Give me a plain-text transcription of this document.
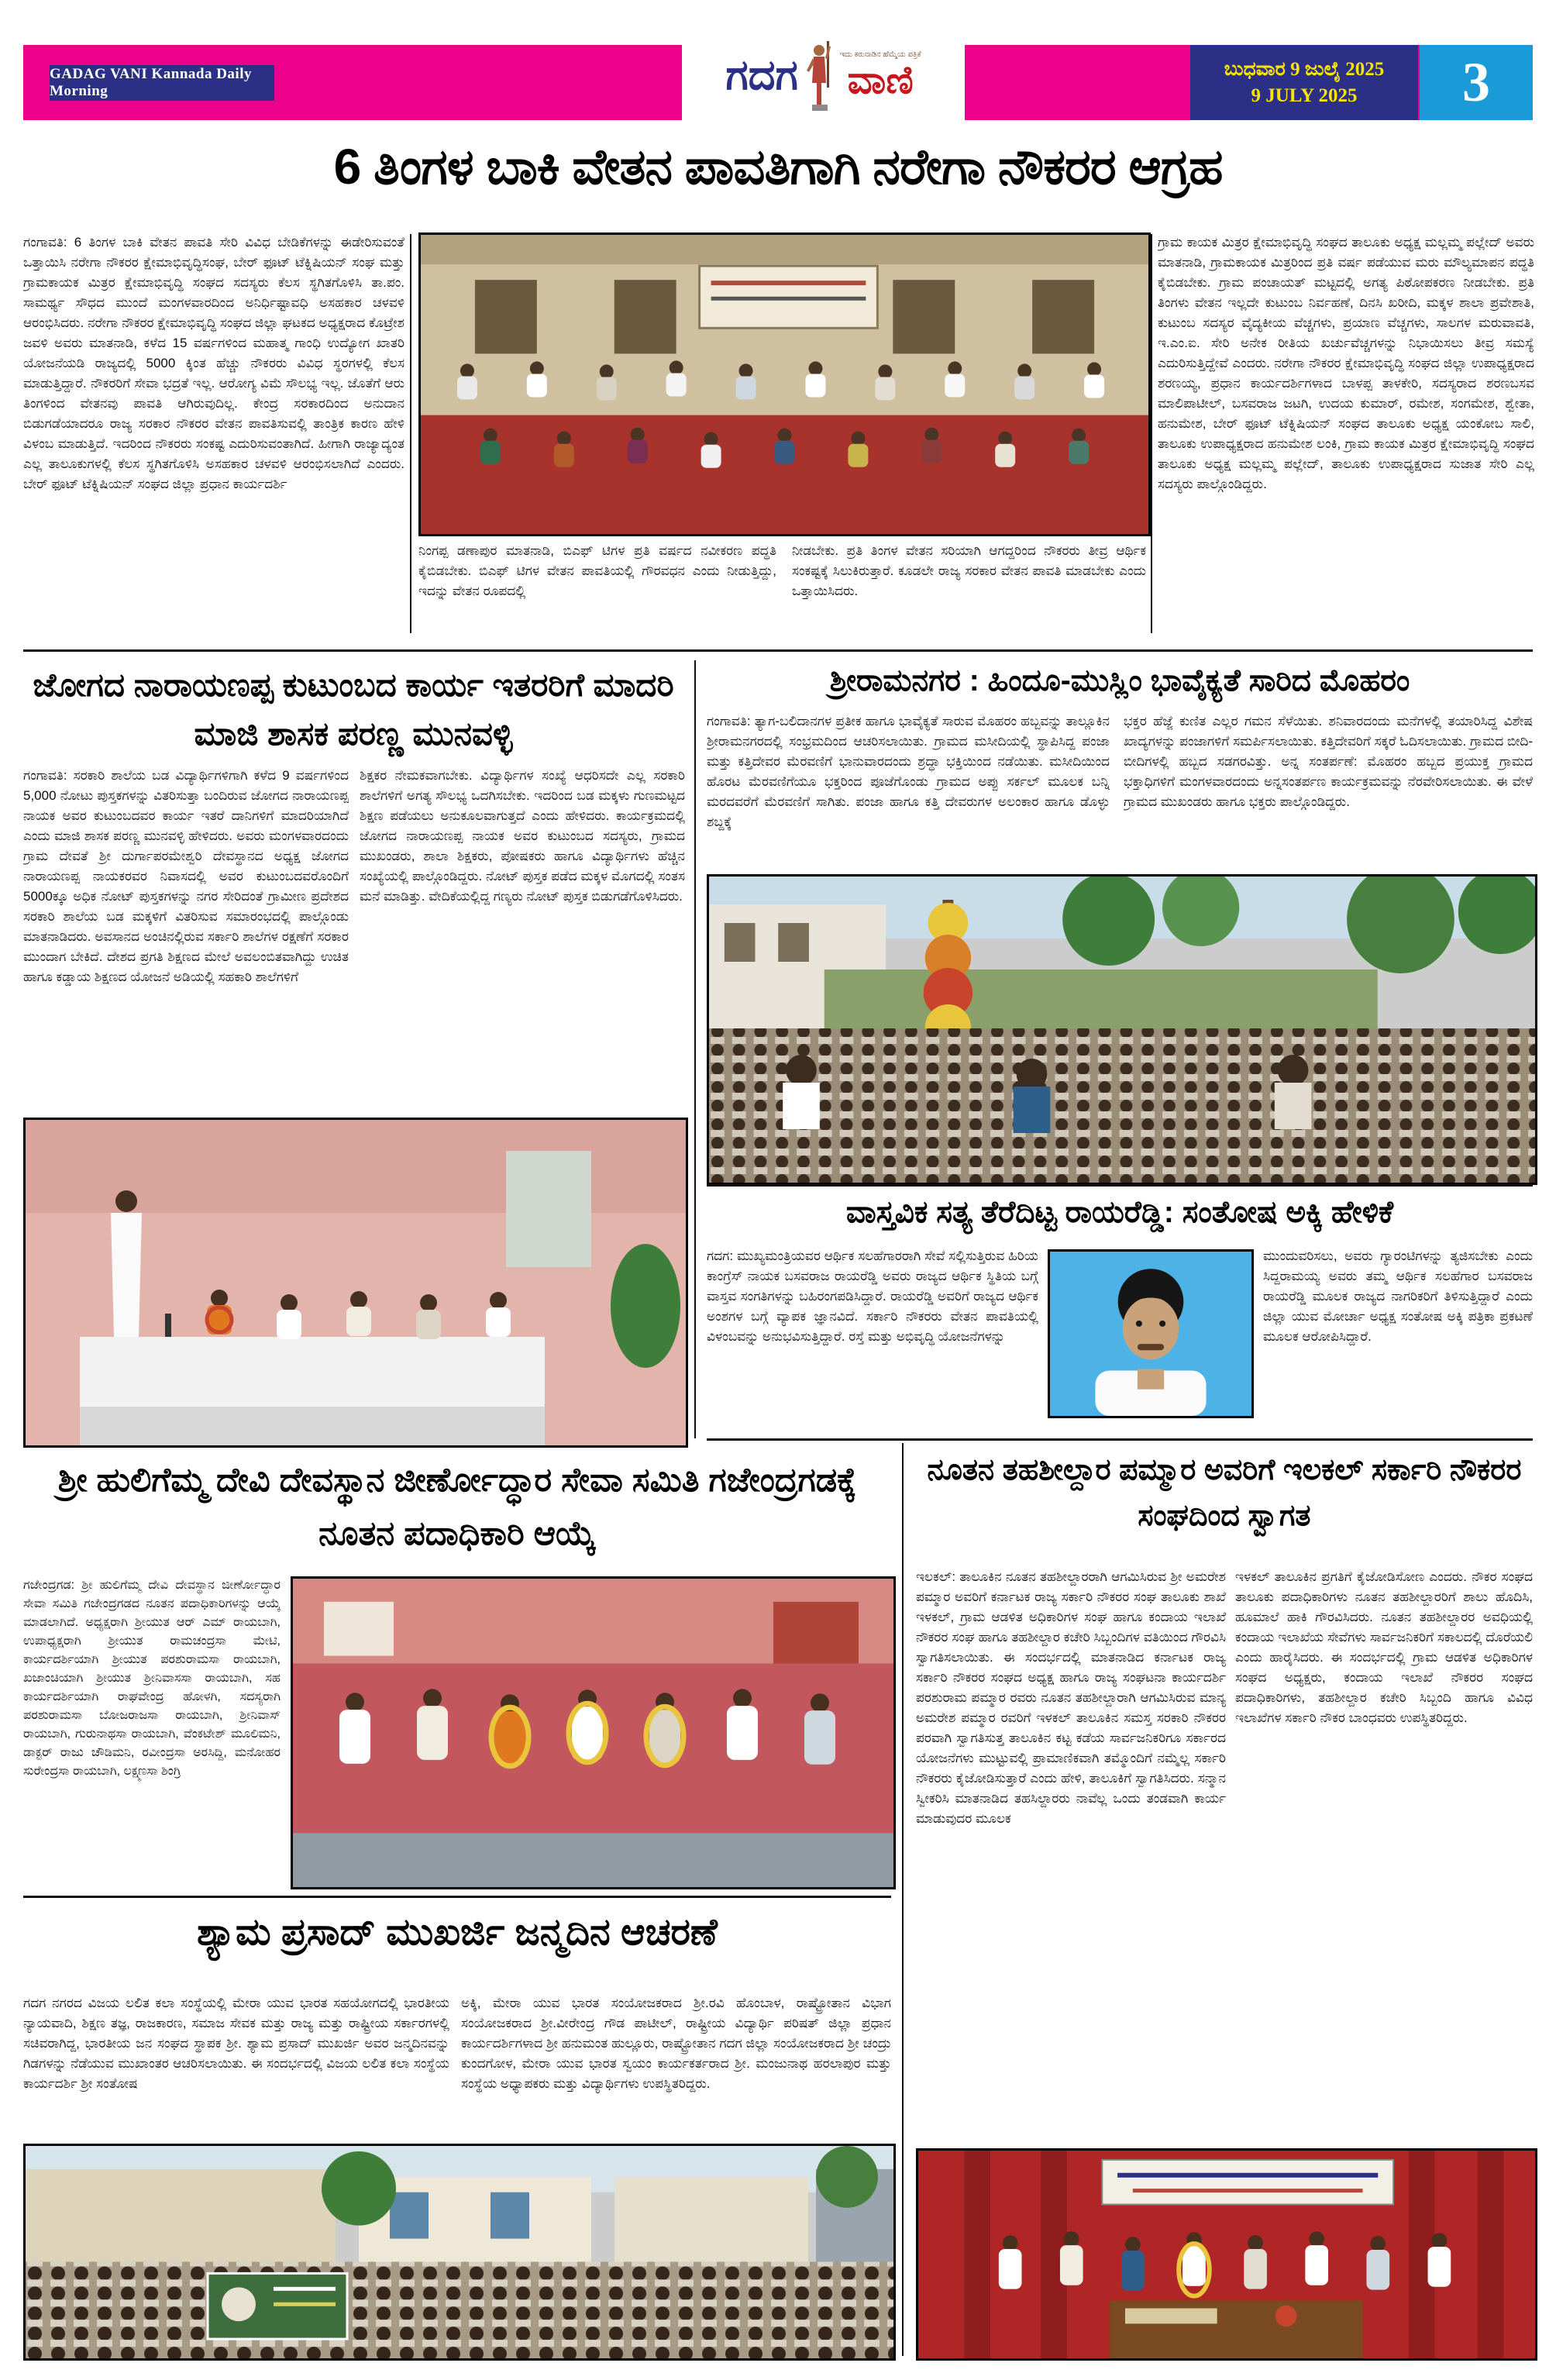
GADAG VANI Kannada Daily Morning	ಗದಗ	ಇದು ಕರುನಾಡಿನ ಹೆಮ್ಮೆಯ ಪತ್ರಿಕೆ
ವಾಣಿ	ಬುಧವಾರ 9 ಜುಲೈ 2025
9 JULY 2025 3
6 ತಿಂಗಳ ಬಾಕಿ ವೇತನ ಪಾವತಿಗಾಗಿ ನರೇಗಾ ನೌಕರರ ಆಗ್ರಹ
ಗಂಗಾವತಿ: 6 ತಿಂಗಳ ಬಾಕಿ ವೇತನ ಪಾವತಿ ಸೇರಿ ವಿವಿಧ ಬೇಡಿಕೆಗಳನ್ನು ಈಡೇರಿಸುವಂತೆ ಒತ್ತಾಯಿಸಿ ನರೇಗಾ ನೌಕರರ ಕ್ಷೇಮಾಭಿವೃದ್ಧಿಸಂಘ, ಬೇರ್ ಫೂಟ್ ಟೆಕ್ನಿಷಿಯನ್ ಸಂಘ ಮತ್ತು ಗ್ರಾಮಕಾಯಕ ಮಿತ್ರರ ಕ್ಷೇಮಾಭಿವೃದ್ಧಿ ಸಂಘದ ಸದಸ್ಯರು ಕೆಲಸ ಸ್ಥಗಿತಗೊಳಿಸಿ ತಾ.ಪಂ. ಸಾಮರ್ಥ್ಯ ಸೌಧದ ಮುಂದೆ ಮಂಗಳವಾರದಿಂದ ಅನಿರ್ಧಿಷ್ಟಾವಧಿ ಅಸಹಕಾರ ಚಳವಳಿ ಆರಂಭಿಸಿದರು. ನರೇಗಾ ನೌಕರರ ಕ್ಷೇಮಾಭಿವೃದ್ಧಿ ಸಂಘದ ಜಿಲ್ಲಾ ಘಟಕದ ಅಧ್ಯಕ್ಷರಾದ ಕೊಟ್ರೇಶ ಜವಳಿ ಅವರು ಮಾತನಾಡಿ, ಕಳೆದ 15 ವರ್ಷಗಳಿಂದ ಮಹಾತ್ಮ ಗಾಂಧಿ ಉದ್ಯೋಗ ಖಾತರಿ ಯೋಜನೆಯಡಿ ರಾಜ್ಯದಲ್ಲಿ 5000 ಕ್ಕಿಂತ ಹೆಚ್ಚು ನೌಕರರು ವಿವಿಧ ಸ್ಥರಗಳಲ್ಲಿ ಕೆಲಸ ಮಾಡುತ್ತಿದ್ದಾರೆ. ನೌಕರರಿಗೆ ಸೇವಾ ಭದ್ರತೆ ಇಲ್ಲ. ಆರೋಗ್ಯ ವಿಮೆ ಸೌಲಭ್ಯ ಇಲ್ಲ. ಜೊತೆಗೆ ಆರು ತಿಂಗಳಿಂದ ವೇತನವು ಪಾವತಿ ಆಗಿರುವುದಿಲ್ಲ. ಕೇಂದ್ರ ಸರಕಾರದಿಂದ ಅನುದಾನ ಬಿಡುಗಡೆಯಾದರೂ ರಾಜ್ಯ ಸರಕಾರ ನೌಕರರ ವೇತನ ಪಾವತಿಸುವಲ್ಲಿ ತಾಂತ್ರಿಕ ಕಾರಣ ಹೇಳಿ ವಿಳಂಬ ಮಾಡುತ್ತಿದೆ. ಇದರಿಂದ ನೌಕರರು ಸಂಕಷ್ಟ ಎದುರಿಸುವಂತಾಗಿದೆ. ಹೀಗಾಗಿ ರಾಜ್ಯಾದ್ಯಂತ ಎಲ್ಲ ತಾಲೂಕುಗಳಲ್ಲಿ ಕೆಲಸ ಸ್ಥಗಿತಗೊಳಿಸಿ ಅಸಹಕಾರ ಚಳವಳಿ ಆರಂಭಿಸಲಾಗಿದೆ ಎಂದರು. ಬೇರ್ ಫೂಟ್ ಟೆಕ್ನಿಷಿಯನ್ ಸಂಘದ ಜಿಲ್ಲಾ ಪ್ರಧಾನ ಕಾರ್ಯದರ್ಶಿ
ಗ್ರಾಮ ಕಾಯಕ ಮಿತ್ರರ ಕ್ಷೇಮಾಭಿವೃದ್ಧಿ ಸಂಘದ ತಾಲೂಕು ಅಧ್ಯಕ್ಷ ಮಲ್ಲಮ್ಮ ಪಲ್ಲೇದ್ ಅವರು ಮಾತನಾಡಿ, ಗ್ರಾಮಕಾಯಕ ಮಿತ್ರರಿಂದ ಪ್ರತಿ ವರ್ಷ ಪಡೆಯುವ ಮರು ಮೌಲ್ಯಮಾಪನ ಪದ್ಧತಿ ಕೈಬಿಡಬೇಕು. ಗ್ರಾಮ ಪಂಚಾಯತ್ ಮಟ್ಟದಲ್ಲಿ ಅಗತ್ಯ ಪಿಠೋಪಕರಣ ನೀಡಬೇಕು. ಪ್ರತಿ ತಿಂಗಳು ವೇತನ ಇಲ್ಲದೇ ಕುಟುಂಬ ನಿರ್ವಹಣೆ, ದಿನಸಿ ಖರೀದಿ, ಮಕ್ಕಳ ಶಾಲಾ ಪ್ರವೇಶಾತಿ, ಕುಟುಂಬ ಸದಸ್ಯರ ವೈದ್ಯಕೀಯ ವೆಚ್ಚಗಳು, ಪ್ರಯಾಣ ವೆಚ್ಚಗಳು, ಸಾಲಗಳ ಮರುವಾವತಿ, ಇ.ಎಂ.ಐ. ಸೇರಿ ಅನೇಕ ರೀತಿಯ ಖರ್ಚುವೆಚ್ಚಗಳನ್ನು ನಿಭಾಯಿಸಲು ತೀವ್ರ ಸಮಸ್ಯೆ ಎದುರಿಸುತ್ತಿದ್ದೇವೆ ಎಂದರು. ನರೇಗಾ ನೌಕರರ ಕ್ಷೇಮಾಭಿವೃದ್ಧಿ ಸಂಘದ ಜಿಲ್ಲಾ ಉಪಾಧ್ಯಕ್ಷರಾದ ಶರಣಯ್ಯ, ಪ್ರಧಾನ ಕಾರ್ಯದರ್ಶಿಗಳಾದ ಬಾಳಪ್ಪ ತಾಳಕೇರಿ, ಸದಸ್ಯರಾದ ಶರಣಬಸವ ಮಾಲಿಪಾಟೀಲ್, ಬಸವರಾಜ ಜಟಗಿ, ಉದಯ ಕುಮಾರ್, ರಮೇಶ, ಸಂಗಮೇಶ, ಶ್ವೇತಾ, ಹನುಮೇಶ, ಬೇರ್ ಫೂಟ್ ಟೆಕ್ನಿಷಿಯನ್ ಸಂಘದ ತಾಲೂಕು ಅಧ್ಯಕ್ಷ ಯಂಕೋಬ ಸಾಲಿ, ತಾಲೂಕು ಉಪಾಧ್ಯಕ್ಷರಾದ ಹನುಮೇಶ ಲಂಕಿ, ಗ್ರಾಮ ಕಾಯಕ ಮಿತ್ರರ ಕ್ಷೇಮಾಭಿವೃದ್ಧಿ ಸಂಘದ ತಾಲೂಕು ಅಧ್ಯಕ್ಷ ಮಲ್ಲಮ್ಮ ಪಲ್ಲೇದ್, ತಾಲೂಕು ಉಪಾಧ್ಯಕ್ಷರಾದ ಸುಜಾತ ಸೇರಿ ಎಲ್ಲ ಸದಸ್ಯರು ಪಾಲ್ಗೊಂಡಿದ್ದರು.
ನಿಂಗಪ್ಪ ಡಣಾಪುರ ಮಾತನಾಡಿ, ಬಿಎಫ್ ಟಿಗಳ ಪ್ರತಿ ವರ್ಷದ ನವೀಕರಣ ಪದ್ಧತಿ ಕೈಬಿಡಬೇಕು. ಬಿಎಫ್ ಟಿಗಳ ವೇತನ ಪಾವತಿಯಲ್ಲಿ ಗೌರವಧನ ಎಂದು ನೀಡುತ್ತಿದ್ದು, ಇದನ್ನು ವೇತನ ರೂಪದಲ್ಲಿ
ನೀಡಬೇಕು. ಪ್ರತಿ ತಿಂಗಳ ವೇತನ ಸರಿಯಾಗಿ ಆಗದ್ದರಿಂದ ನೌಕರರು ತೀವ್ರ ಆರ್ಥಿಕ ಸಂಕಷ್ಟಕ್ಕೆ ಸಿಲುಕಿರುತ್ತಾರೆ. ಕೂಡಲೇ ರಾಜ್ಯ ಸರಕಾರ ವೇತನ ಪಾವತಿ ಮಾಡಬೇಕು ಎಂದು ಒತ್ತಾಯಿಸಿದರು.
ಜೋಗದ ನಾರಾಯಣಪ್ಪ ಕುಟುಂಬದ ಕಾರ್ಯ ಇತರರಿಗೆ ಮಾದರಿ ಮಾಜಿ ಶಾಸಕ ಪರಣ್ಣ ಮುನವಳ್ಳಿ
ಗಂಗಾವತಿ: ಸರಕಾರಿ ಶಾಲೆಯ ಬಡ ವಿದ್ಯಾರ್ಥಿಗಳಿಗಾಗಿ ಕಳೆದ 9 ವರ್ಷಗಳಿಂದ 5,000 ನೋಟು ಪುಸ್ತಕಗಳನ್ನು ವಿತರಿಸುತ್ತಾ ಬಂದಿರುವ ಜೋಗದ ನಾರಾಯಣಪ್ಪ ನಾಯಕ ಅವರ ಕುಟುಂಬದವರ ಕಾರ್ಯ ಇತರೆ ದಾನಿಗಳಿಗೆ ಮಾದರಿಯಾಗಿದೆ ಎಂದು ಮಾಜಿ ಶಾಸಕ ಪರಣ್ಣ ಮುನವಳ್ಳಿ ಹೇಳಿದರು. ಅವರು ಮಂಗಳವಾರದಂದು ಗ್ರಾಮ ದೇವತೆ ಶ್ರೀ ದುರ್ಗಾಪರಮೇಶ್ವರಿ ದೇವಸ್ಥಾನದ ಅಧ್ಯಕ್ಷ ಜೋಗದ ನಾರಾಯಣಪ್ಪ ನಾಯಕರವರ ನಿವಾಸದಲ್ಲಿ ಅವರ ಕುಟುಂಬದವರೊಂದಿಗೆ 5000ಕ್ಕೂ ಅಧಿಕ ನೋಟ್ ಪುಸ್ತಕಗಳನ್ನು ನಗರ ಸೇರಿದಂತೆ ಗ್ರಾಮೀಣ ಪ್ರದೇಶದ ಸರಕಾರಿ ಶಾಲೆಯ ಬಡ ಮಕ್ಕಳಿಗೆ ವಿತರಿಸುವ ಸಮಾರಂಭದಲ್ಲಿ ಪಾಲ್ಗೊಂಡು ಮಾತನಾಡಿದರು. ಅವಸಾನದ ಅಂಚಿನಲ್ಲಿರುವ ಸರ್ಕಾರಿ ಶಾಲೆಗಳ ರಕ್ಷಣೆಗೆ ಸರಕಾರ ಮುಂದಾಗ ಬೇಕಿದೆ. ದೇಶದ ಪ್ರಗತಿ ಶಿಕ್ಷಣದ ಮೇಲೆ ಅವಲಂಬಿತವಾಗಿದ್ದು ಉಚಿತ ಹಾಗೂ ಕಡ್ಡಾಯ ಶಿಕ್ಷಣದ ಯೋಜನೆ ಅಡಿಯಲ್ಲಿ ಸಹಕಾರಿ ಶಾಲೆಗಳಿಗೆ
ಶಿಕ್ಷಕರ ನೇಮಕವಾಗಬೇಕು. ವಿದ್ಯಾರ್ಥಿಗಳ ಸಂಖ್ಯೆ ಆಧರಿಸದೇ ಎಲ್ಲ ಸರಕಾರಿ ಶಾಲೆಗಳಿಗೆ ಅಗತ್ಯ ಸೌಲಭ್ಯ ಒದಗಿಸಬೇಕು. ಇದರಿಂದ ಬಡ ಮಕ್ಕಳು ಗುಣಮಟ್ಟದ ಶಿಕ್ಷಣ ಪಡೆಯಲು ಅನುಕೂಲವಾಗುತ್ತದೆ ಎಂದು ಹೇಳಿದರು. ಕಾರ್ಯಕ್ರಮದಲ್ಲಿ ಜೋಗದ ನಾರಾಯಣಪ್ಪ ನಾಯಕ ಅವರ ಕುಟುಂಬದ ಸದಸ್ಯರು, ಗ್ರಾಮದ ಮುಖಂಡರು, ಶಾಲಾ ಶಿಕ್ಷಕರು, ಪೋಷಕರು ಹಾಗೂ ವಿದ್ಯಾರ್ಥಿಗಳು ಹೆಚ್ಚಿನ ಸಂಖ್ಯೆಯಲ್ಲಿ ಪಾಲ್ಗೊಂಡಿದ್ದರು. ನೋಟ್ ಪುಸ್ತಕ ಪಡೆದ ಮಕ್ಕಳ ಮೊಗದಲ್ಲಿ ಸಂತಸ ಮನೆ ಮಾಡಿತ್ತು. ವೇದಿಕೆಯಲ್ಲಿದ್ದ ಗಣ್ಯರು ನೋಟ್ ಪುಸ್ತಕ ಬಿಡುಗಡೆಗೊಳಿಸಿದರು.
ಶ್ರೀರಾಮನಗರ : ಹಿಂದೂ-ಮುಸ್ಲಿಂ ಭಾವೈಕ್ಯತೆ ಸಾರಿದ ಮೊಹರಂ
ಗಂಗಾವತಿ: ತ್ಯಾಗ-ಬಲಿದಾನಗಳ ಪ್ರತೀಕ ಹಾಗೂ ಭಾವೈಕ್ಯತೆ ಸಾರುವ ಮೊಹರಂ ಹಬ್ಬವನ್ನು ತಾಲ್ಲೂಕಿನ ಶ್ರೀರಾಮನಗರದಲ್ಲಿ ಸಂಭ್ರಮದಿಂದ ಆಚರಿಸಲಾಯಿತು. ಗ್ರಾಮದ ಮಸೀದಿಯಲ್ಲಿ ಸ್ಥಾಪಿಸಿದ್ದ ಪಂಜಾ ಮತ್ತು ಕತ್ತಿದೇವರ ಮೆರವಣಿಗೆ ಭಾನುವಾರದಂದು ಶ್ರದ್ಧಾ ಭಕ್ತಿಯಿಂದ ನಡೆಯಿತು. ಮಸೀದಿಯಿಂದ ಹೊರಟ ಮೆರವಣಿಗೆಯೂ ಭಕ್ತರಿಂದ ಪೂಜೆಗೊಂಡು ಗ್ರಾಮದ ಅಪ್ಪು ಸರ್ಕಲ್ ಮೂಲಕ ಬನ್ನಿ ಮರದವರೆಗೆ ಮೆರವಣಿಗೆ ಸಾಗಿತು. ಪಂಜಾ ಹಾಗೂ ಕತ್ತಿ ದೇವರುಗಳ ಅಲಂಕಾರ ಹಾಗೂ ಡೊಳ್ಳು ಶಬ್ದಕ್ಕೆ
ಭಕ್ತರ ಹೆಜ್ಜೆ ಕುಣಿತ ಎಲ್ಲರ ಗಮನ ಸೆಳೆಯಿತು. ಶನಿವಾರದಂದು ಮನೆಗಳಲ್ಲಿ ತಯಾರಿಸಿದ್ದ ವಿಶೇಷ ಖಾದ್ಯಗಳನ್ನು ಪಂಜಾಗಳಿಗೆ ಸಮರ್ಪಿಸಲಾಯಿತು. ಕತ್ತಿದೇವರಿಗೆ ಸಕ್ಕರೆ ಓದಿಸಲಾಯಿತು. ಗ್ರಾಮದ ಬೀದಿ-ಬೀದಿಗಳಲ್ಲಿ ಹಬ್ಬದ ಸಡಗರವಿತ್ತು. ಅನ್ನ ಸಂತರ್ಪಣೆ: ಮೊಹರಂ ಹಬ್ಬದ ಪ್ರಯುಕ್ತ ಗ್ರಾಮದ ಭಕ್ತಾಧಿಗಳಿಗೆ ಮಂಗಳವಾರದಂದು ಅನ್ನಸಂತರ್ಪಣ ಕಾರ್ಯಕ್ರಮವನ್ನು ನೆರವೇರಿಸಲಾಯಿತು. ಈ ವೇಳೆ ಗ್ರಾಮದ ಮುಖಂಡರು ಹಾಗೂ ಭಕ್ತರು ಪಾಲ್ಗೊಂಡಿದ್ದರು.
ವಾಸ್ತವಿಕ ಸತ್ಯ ತೆರೆದಿಟ್ಟ ರಾಯರೆಡ್ಡಿ: ಸಂತೋಷ ಅಕ್ಕಿ ಹೇಳಿಕೆ
ಗದಗ: ಮುಖ್ಯಮಂತ್ರಿಯವರ ಆರ್ಥಿಕ ಸಲಹೆಗಾರರಾಗಿ ಸೇವೆ ಸಲ್ಲಿಸುತ್ತಿರುವ ಹಿರಿಯ ಕಾಂಗ್ರೆಸ್ ನಾಯಕ ಬಸವರಾಜ ರಾಯರೆಡ್ಡಿ ಅವರು ರಾಜ್ಯದ ಆರ್ಥಿಕ ಸ್ಥಿತಿಯ ಬಗ್ಗೆ ವಾಸ್ತವ ಸಂಗತಿಗಳನ್ನು ಬಹಿರಂಗಪಡಿಸಿದ್ದಾರೆ. ರಾಯರೆಡ್ಡಿ ಅವರಿಗೆ ರಾಜ್ಯದ ಆರ್ಥಿಕ ಅಂಶಗಳ ಬಗ್ಗೆ ವ್ಯಾಪಕ ಜ್ಞಾನವಿದೆ. ಸರ್ಕಾರಿ ನೌಕರರು ವೇತನ ಪಾವತಿಯಲ್ಲಿ ವಿಳಂಬವನ್ನು ಅನುಭವಿಸುತ್ತಿದ್ದಾರೆ. ರಸ್ತೆ ಮತ್ತು ಅಭಿವೃದ್ಧಿ ಯೋಜನೆಗಳನ್ನು
ಮುಂದುವರಿಸಲು, ಅವರು ಗ್ಯಾರಂಟಿಗಳನ್ನು ತ್ಯಜಿಸಬೇಕು ಎಂದು ಸಿದ್ದರಾಮಯ್ಯ ಅವರು ತಮ್ಮ ಆರ್ಥಿಕ ಸಲಹೆಗಾರ ಬಸವರಾಜ ರಾಯರೆಡ್ಡಿ ಮೂಲಕ ರಾಜ್ಯದ ನಾಗರಿಕರಿಗೆ ತಿಳಿಸುತ್ತಿದ್ದಾರೆ ಎಂದು ಜಿಲ್ಲಾ ಯುವ ಮೋರ್ಚಾ ಅಧ್ಯಕ್ಷ ಸಂತೋಷ ಅಕ್ಕಿ ಪತ್ರಿಕಾ ಪ್ರಕಟಣೆ ಮೂಲಕ ಆರೋಪಿಸಿದ್ದಾರೆ.
ಶ್ರೀ ಹುಲಿಗೆಮ್ಮ ದೇವಿ ದೇವಸ್ಥಾನ ಜೀರ್ಣೋದ್ಧಾರ ಸೇವಾ ಸಮಿತಿ ಗಜೇಂದ್ರಗಡಕ್ಕೆ ನೂತನ ಪದಾಧಿಕಾರಿ ಆಯ್ಕೆ
ಗಜೇಂದ್ರಗಡ: ಶ್ರೀ ಹುಲಿಗೆಮ್ಮ ದೇವಿ ದೇವಸ್ಥಾನ ಜೀರ್ಣೋದ್ಧಾರ ಸೇವಾ ಸಮಿತಿ ಗಜೇಂದ್ರಗಡದ ನೂತನ ಪದಾಧಿಕಾರಿಗಳನ್ನು ಆಯ್ಕೆ ಮಾಡಲಾಗಿದೆ. ಅಧ್ಯಕ್ಷರಾಗಿ ಶ್ರೀಯುತ ಆರ್ ಎಮ್ ರಾಯಬಾಗಿ, ಉಪಾಧ್ಯಕ್ಷರಾಗಿ ಶ್ರೀಯುತ ರಾಮಚಂದ್ರಸಾ ಮೇಟಿ, ಕಾರ್ಯದರ್ಶಿಯಾಗಿ ಶ್ರೀಯುತ ಪರಶುರಾಮಸಾ ರಾಯಬಾಗಿ, ಖಜಾಂಚಿಯಾಗಿ ಶ್ರೀಯುತ ಶ್ರೀನಿವಾಸಸಾ ರಾಯಬಾಗಿ, ಸಹ ಕಾರ್ಯದರ್ಶಿಯಾಗಿ ರಾಘವೇಂದ್ರ ಹೋಳಗಿ, ಸದಸ್ಯರಾಗಿ ಪರಶುರಾಮಸಾ ಬೋಜರಾಜಸಾ ರಾಯಬಾಗಿ, ಶ್ರೀನಿವಾಸ್ ರಾಯಬಾಗಿ, ಗುರುನಾಥಸಾ ರಾಯಬಾಗಿ, ವೆಂಕಟೇಶ್ ಮೂಲಿಮನಿ, ಡಾಕ್ಟರ್ ರಾಜು ಚೌಡಿಮನಿ, ರವೀಂದ್ರಸಾ ಅರಸಿದ್ದಿ, ಮನೋಹರ ಸುರೇಂದ್ರಸಾ ರಾಯಬಾಗಿ, ಲಕ್ಷ್ಮಣಸಾ ಶಿಂಗ್ರಿ
ಶ್ಯಾಮ ಪ್ರಸಾದ್ ಮುಖರ್ಜಿ ಜನ್ಮದಿನ ಆಚರಣೆ
ಗದಗ ನಗರದ ವಿಜಯ ಲಲಿತ ಕಲಾ ಸಂಸ್ಥೆಯಲ್ಲಿ ಮೇರಾ ಯುವ ಭಾರತ ಸಹಯೋಗದಲ್ಲಿ ಭಾರತೀಯ ನ್ಯಾಯವಾದಿ, ಶಿಕ್ಷಣ ತಜ್ಞ, ರಾಜಕಾರಣ, ಸಮಾಜ ಸೇವಕ ಮತ್ತು ರಾಜ್ಯ ಮತ್ತು ರಾಷ್ಟ್ರೀಯ ಸರ್ಕಾರಗಳಲ್ಲಿ ಸಚಿವರಾಗಿದ್ದ, ಭಾರತೀಯ ಜನ ಸಂಘದ ಸ್ಥಾಪಕ ಶ್ರೀ. ಶ್ಯಾಮ ಪ್ರಸಾದ್ ಮುಖರ್ಜಿ ಅವರ ಜನ್ಮದಿನವನ್ನು ಗಿಡಗಳನ್ನು ನೆಡೆಯುವ ಮುಖಾಂತರ ಆಚರಿಸಲಾಯಿತು. ಈ ಸಂದರ್ಭದಲ್ಲಿ ವಿಜಯ ಲಲಿತ ಕಲಾ ಸಂಸ್ಥೆಯ ಕಾರ್ಯದರ್ಶಿ ಶ್ರೀ ಸಂತೋಷ
ಅಕ್ಕಿ, ಮೇರಾ ಯುವ ಭಾರತ ಸಂಯೋಜಕರಾದ ಶ್ರೀ.ರವಿ ಹೊಂಬಾಳ, ರಾಷ್ಟ್ರೋತಾನ ವಿಭಾಗ ಸಂಯೋಜಕರಾದ ಶ್ರೀ.ವೀರೇಂದ್ರ ಗೌಡ ಪಾಟೀಲ್, ರಾಷ್ಟ್ರೀಯ ವಿದ್ಯಾರ್ಥಿ ಪರಿಷತ್ ಜಿಲ್ಲಾ ಪ್ರಧಾನ ಕಾರ್ಯದರ್ಶಿಗಳಾದ ಶ್ರೀ ಹನುಮಂತ ಹುಲ್ಲೂರು, ರಾಷ್ಟ್ರೋತಾನ ಗದಗ ಜಿಲ್ಲಾ ಸಂಯೋಜಕರಾದ ಶ್ರೀ ಚಂದ್ರು ಕುಂದಗೋಳ, ಮೇರಾ ಯುವ ಭಾರತ ಸ್ವಯಂ ಕಾರ್ಯಕರ್ತರಾದ ಶ್ರೀ. ಮಂಜುನಾಥ ಹರಲಾಪುರ ಮತ್ತು ಸಂಸ್ಥೆಯ ಅಧ್ಯಾಪಕರು ಮತ್ತು ವಿದ್ಯಾರ್ಥಿಗಳು ಉಪಸ್ಥಿತರಿದ್ದರು.
ನೂತನ ತಹಶೀಲ್ದಾರ ಪಮ್ಮಾರ ಅವರಿಗೆ ಇಲಕಲ್ ಸರ್ಕಾರಿ ನೌಕರರ ಸಂಘದಿಂದ ಸ್ವಾಗತ
ಇಲಕಲ್: ತಾಲೂಕಿನ ನೂತನ ತಹಶೀಲ್ದಾರರಾಗಿ ಆಗಮಿಸಿರುವ ಶ್ರೀ ಅಮರೇಶ ಪಮ್ಮಾರ ಅವರಿಗೆ ಕರ್ನಾಟಕ ರಾಜ್ಯ ಸರ್ಕಾರಿ ನೌಕರರ ಸಂಘ ತಾಲೂಕು ಶಾಖೆ ಇಳಕಲ್, ಗ್ರಾಮ ಆಡಳಿತ ಅಧಿಕಾರಿಗಳ ಸಂಘ ಹಾಗೂ ಕಂದಾಯ ಇಲಾಖೆ ನೌಕರರ ಸಂಘ ಹಾಗೂ ತಹಶೀಲ್ದಾರ ಕಚೇರಿ ಸಿಬ್ಬಂದಿಗಳ ವತಿಯಿಂದ ಗೌರವಿಸಿ ಸ್ವಾಗತಿಸಲಾಯಿತು. ಈ ಸಂದರ್ಭದಲ್ಲಿ ಮಾತನಾಡಿದ ಕರ್ನಾಟಕ ರಾಜ್ಯ ಸರ್ಕಾರಿ ನೌಕರರ ಸಂಘದ ಅಧ್ಯಕ್ಷ ಹಾಗೂ ರಾಜ್ಯ ಸಂಘಟನಾ ಕಾರ್ಯದರ್ಶಿ ಪರಶುರಾಮ ಪಮ್ಮಾರ ರವರು ನೂತನ ತಹಶೀಲ್ದಾರಾಗಿ ಆಗಮಿಸಿರುವ ಮಾನ್ಯ ಅಮರೇಶ ಪಮ್ಮಾರ ರವರಿಗೆ ಇಳಕಲ್ ತಾಲೂಕಿನ ಸಮಸ್ತ ಸರಕಾರಿ ನೌಕರರ ಪರವಾಗಿ ಸ್ವಾಗತಿಸುತ್ತ ತಾಲೂಕಿನ ಕಟ್ಟ ಕಡೆಯ ಸಾರ್ವಜನಿಕರಿಗೂ ಸರ್ಕಾರದ ಯೋಜನೆಗಳು ಮುಟ್ಟುವಲ್ಲಿ ಪ್ರಾಮಾಣಿಕವಾಗಿ ತಮ್ಮೊಂದಿಗೆ ನಮ್ಮೆಲ್ಲ ಸರ್ಕಾರಿ ನೌಕರರು ಕೈಜೋಡಿಸುತ್ತಾರೆ ಎಂದು ಹೇಳಿ, ತಾಲೂಕಿಗೆ ಸ್ವಾಗತಿಸಿದರು. ಸನ್ಮಾನ ಸ್ವೀಕರಿಸಿ ಮಾತನಾಡಿದ ತಹಸಿಲ್ದಾರರು ನಾವೆಲ್ಲ ಒಂದು ತಂಡವಾಗಿ ಕಾರ್ಯ ಮಾಡುವುದರ ಮೂಲಕ
ಇಳಕಲ್ ತಾಲೂಕಿನ ಪ್ರಗತಿಗೆ ಕೈಜೋಡಿಸೋಣ ಎಂದರು. ನೌಕರ ಸಂಘದ ತಾಲೂಕು ಪದಾಧಿಕಾರಿಗಳು ನೂತನ ತಹಶೀಲ್ದಾರರಿಗೆ ಶಾಲು ಹೊದಿಸಿ, ಹೂಮಾಲೆ ಹಾಕಿ ಗೌರವಿಸಿದರು. ನೂತನ ತಹಶೀಲ್ದಾರರ ಅವಧಿಯಲ್ಲಿ ಕಂದಾಯ ಇಲಾಖೆಯ ಸೇವೆಗಳು ಸಾರ್ವಜನಿಕರಿಗೆ ಸಕಾಲದಲ್ಲಿ ದೊರೆಯಲಿ ಎಂದು ಹಾರೈಸಿದರು. ಈ ಸಂದರ್ಭದಲ್ಲಿ ಗ್ರಾಮ ಆಡಳಿತ ಅಧಿಕಾರಿಗಳ ಸಂಘದ ಅಧ್ಯಕ್ಷರು, ಕಂದಾಯ ಇಲಾಖೆ ನೌಕರರ ಸಂಘದ ಪದಾಧಿಕಾರಿಗಳು, ತಹಶೀಲ್ದಾರ ಕಚೇರಿ ಸಿಬ್ಬಂದಿ ಹಾಗೂ ವಿವಿಧ ಇಲಾಖೆಗಳ ಸರ್ಕಾರಿ ನೌಕರ ಬಾಂಧವರು ಉಪಸ್ಥಿತರಿದ್ದರು.
